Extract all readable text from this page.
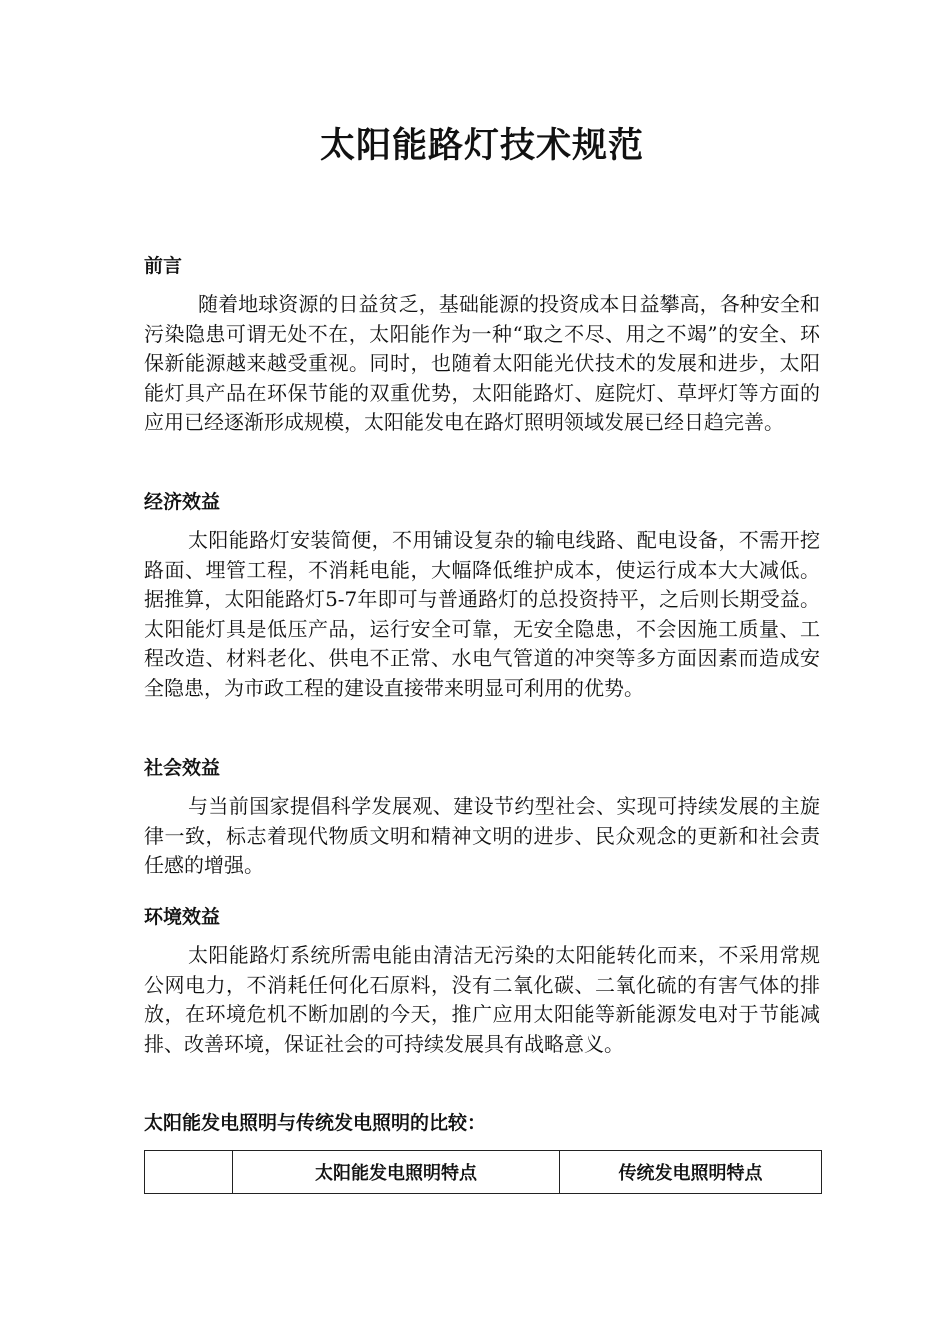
太阳能路灯技术规范
前言

随着地球资源的日益贫乏，基础能源的投资成本日益攀高，各种安全和污染隐患可谓无处不在，太阳能作为一种“取之不尽、用之不竭”的安全、环保新能源越来越受重视。同时，也随着太阳能光伏技术的发展和进步，太阳能灯具产品在环保节能的双重优势，太阳能路灯、庭院灯、草坪灯等方面的应用已经逐渐形成规模，太阳能发电在路灯照明领域发展已经日趋完善。

经济效益

太阳能路灯安装简便，不用铺设复杂的输电线路、配电设备，不需开挖路面、埋管工程，不消耗电能，大幅降低维护成本，使运行成本大大减低。据推算，太阳能路灯5-7年即可与普通路灯的总投资持平，之后则长期受益。太阳能灯具是低压产品，运行安全可靠，无安全隐患，不会因施工质量、工程改造、材料老化、供电不正常、水电气管道的冲突等多方面因素而造成安全隐患，为市政工程的建设直接带来明显可利用的优势。

社会效益

与当前国家提倡科学发展观、建设节约型社会、实现可持续发展的主旋律一致，标志着现代物质文明和精神文明的进步、民众观念的更新和社会责任感的增强。

环境效益

太阳能路灯系统所需电能由清洁无污染的太阳能转化而来，不采用常规公网电力，不消耗任何化石原料，没有二氧化碳、二氧化硫的有害气体的排放，在环境危机不断加剧的今天，推广应用太阳能等新能源发电对于节能减排、改善环境，保证社会的可持续发展具有战略意义。

太阳能发电照明与传统发电照明的比较：
	太阳能发电照明特点	传统发电照明特点
